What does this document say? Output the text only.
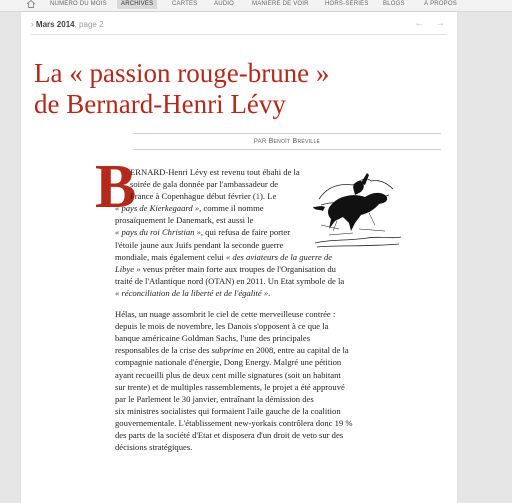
NUMÉRO DU MOIS	ARCHIVES	CARTES	AUDIO	MANIÈRE DE VOIR	HORS-SÉRIES BLOGS	À PROPOS
› Mars 2014, page 2	← →
La « passion rouge-brune »
de Bernard-Henri Lévy
PAR Benoît Bréville
B
ERNARD-Henri Lévy est revenu tout ébahi de la
soirée de gala donnée par l'ambassadeur de
France à Copenhague début février (1). Le
« pays de Kierkegaard », comme il nomme
prosaïquement le Danemark, est aussi le
« pays du roi Christian », qui refusa de faire porter
l'étoile jaune aux Juifs pendant la seconde guerre
mondiale, mais également celui « des aviateurs de la guerre de
Libye » venus prêter main forte aux troupes de l'Organisation du
traité de l'Atlantique nord (OTAN) en 2011. Un Etat symbole de la
« réconciliation de la liberté et de l'égalité ».
Hélas, un nuage assombrit le ciel de cette merveilleuse contrée :
depuis le mois de novembre, les Danois s'opposent à ce que la
banque américaine Goldman Sachs, l'une des principales
responsables de la crise des subprime en 2008, entre au capital de la
compagnie nationale d'énergie, Dong Energy. Malgré une pétition
ayant recueilli plus de deux cent mille signatures (soit un habitant
sur trente) et de multiples rassemblements, le projet a été approuvé
par le Parlement le 30 janvier, entraînant la démission des
six ministres socialistes qui formaient l'aile gauche de la coalition
gouvernementale. L'établissement new-yorkais contrôlera donc 19 %
des parts de la société d'Etat et disposera d'un droit de veto sur des
décisions stratégiques.
